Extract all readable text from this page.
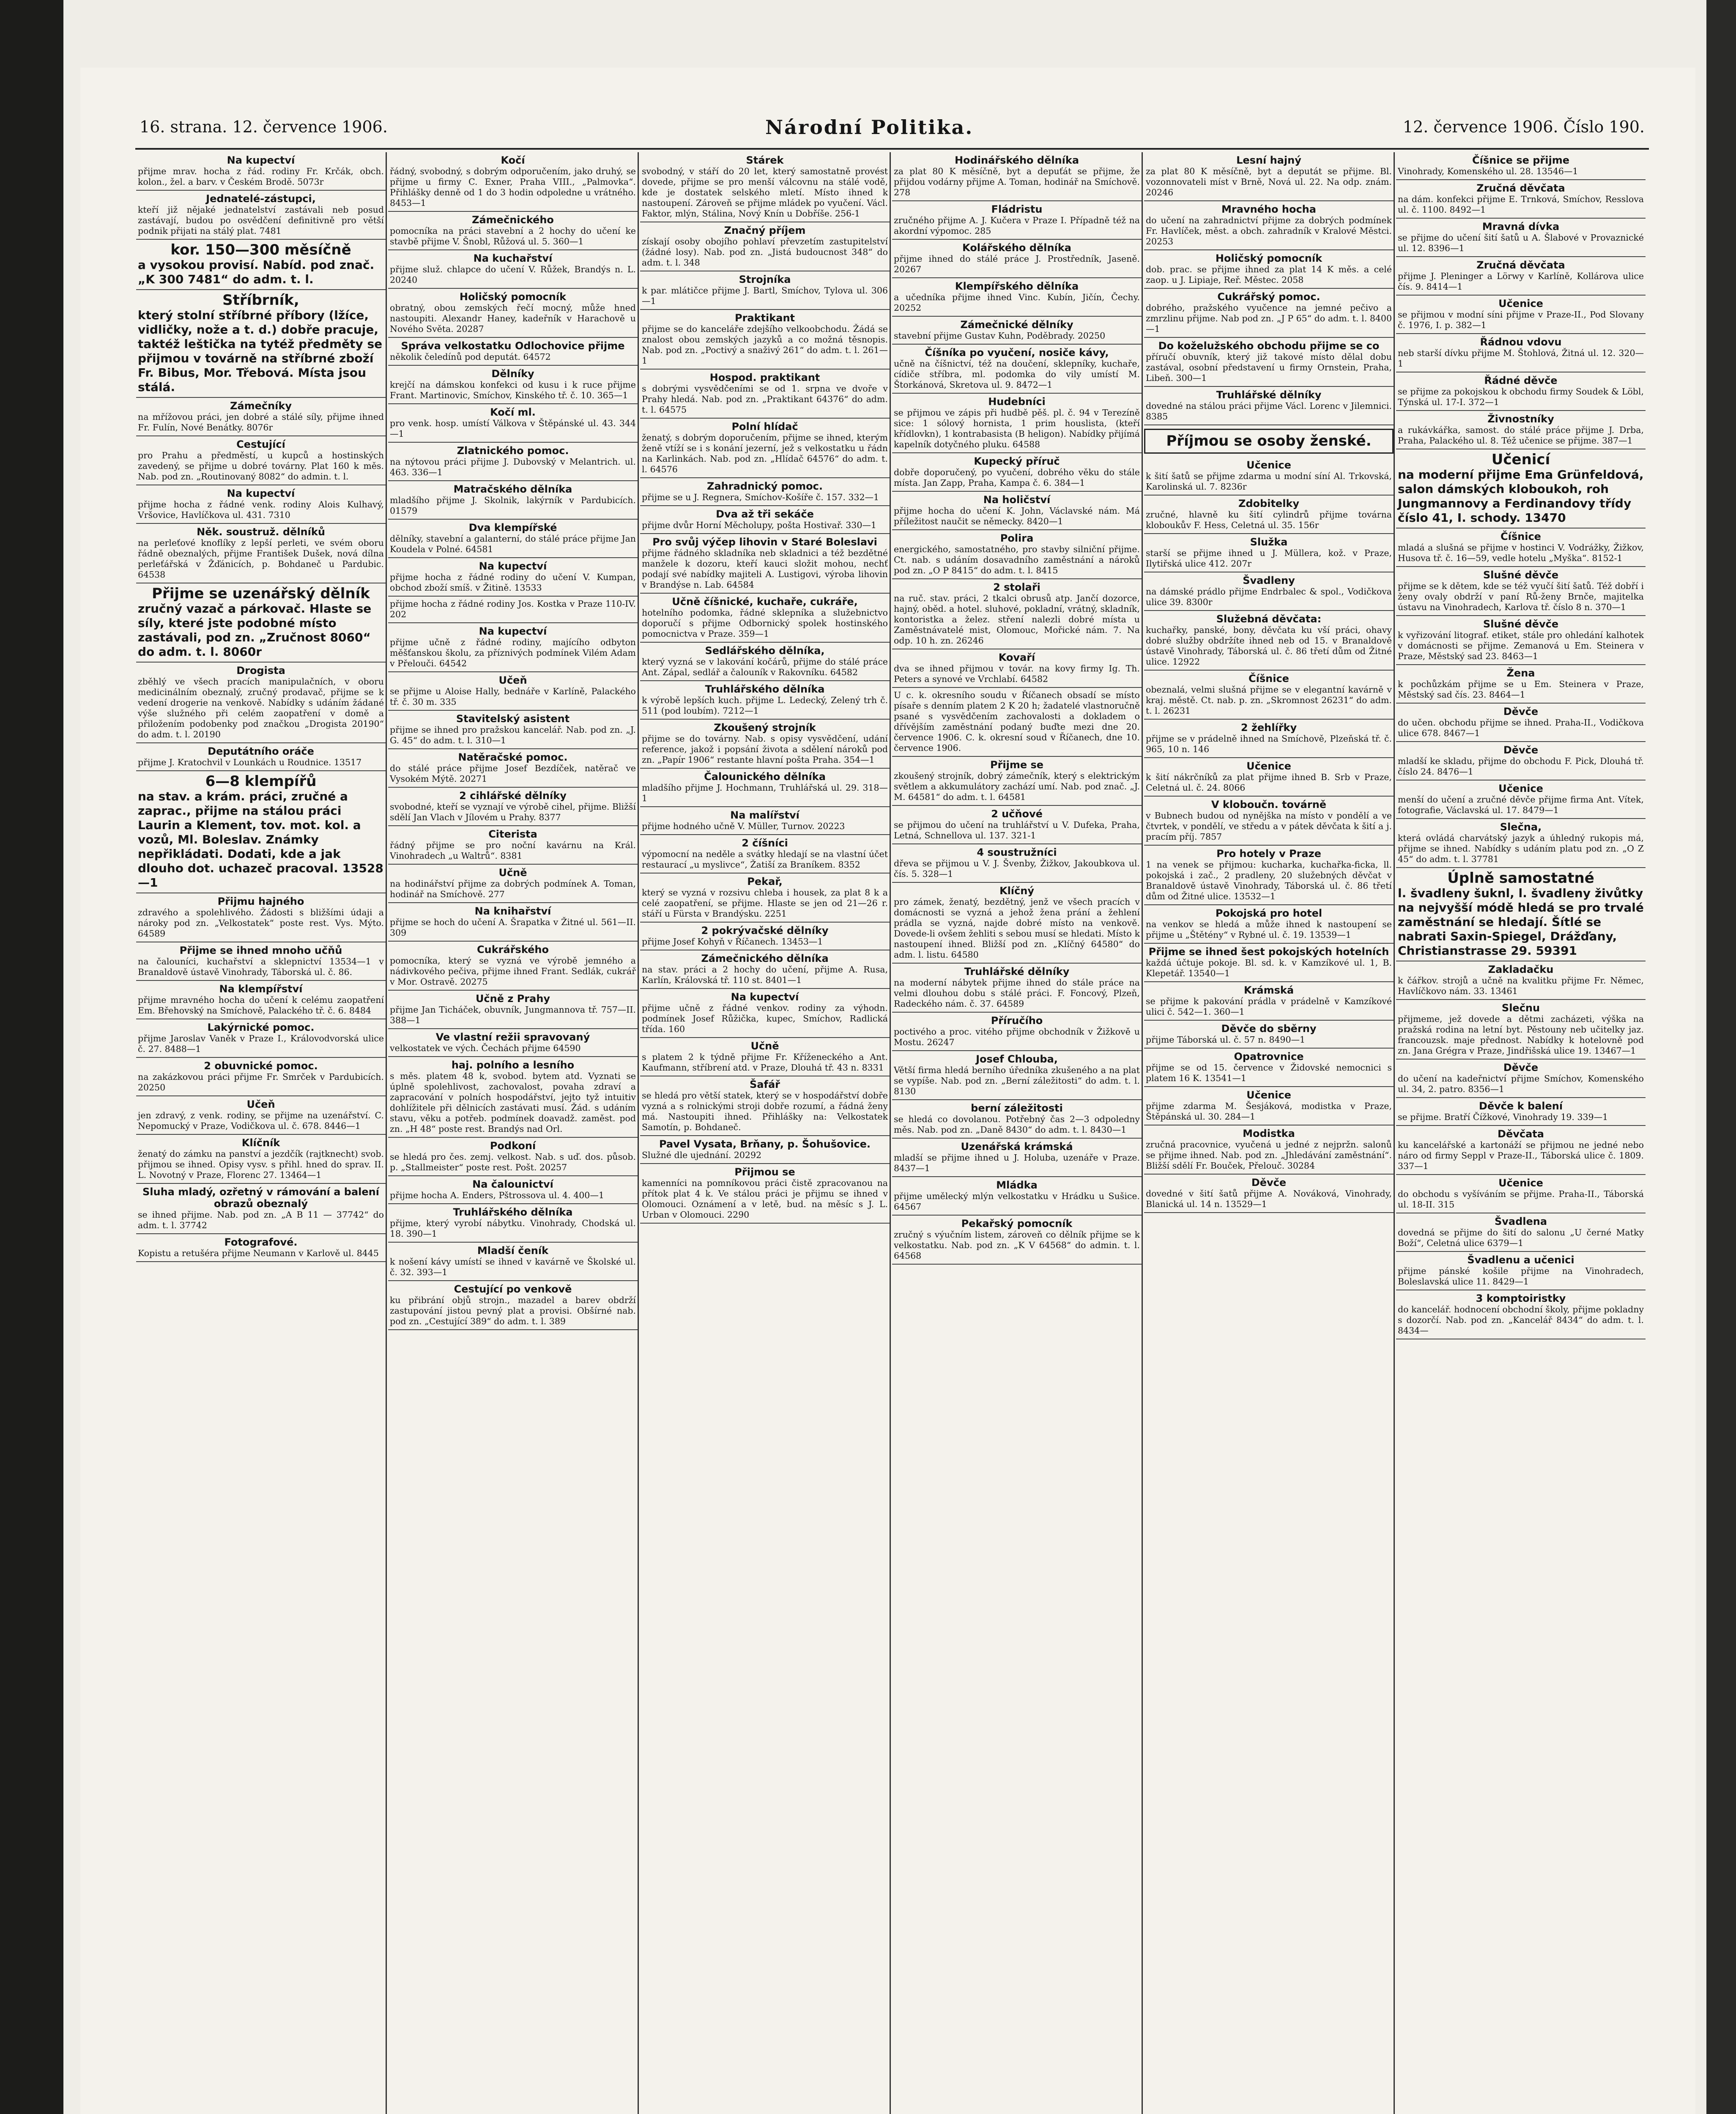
16. strana. 12. července 1906.	Národní Politika.	12. července 1906. Číslo 190.
Na kupectví
přijme mrav. hocha z řád. rodiny Fr. Krčák, obch. kolon., žel. a barv. v Českém Brodě. 5073r
Jednatelé-zástupci,
kteří již nějaké jednatelství zastávali neb posud zastávají, budou po osvědčení definitivně pro větší podnik přijati na stálý plat. 7481
kor. 150—300 měsíčně
a vysokou provisí. Nabíd. pod znač. „K 300 7481“ do adm. t. l.
Stříbrník,
který stolní stříbrné příbory (lžíce, vidličky, nože a t. d.) dobře pracuje, taktéž leštička na tytéž předměty se přijmou v továrně na stříbrné zboží Fr. Bibus, Mor. Třebová. Místa jsou stálá.
Zámečníky
na mřížovou práci, jen dobré a stálé síly, přijme ihned Fr. Fulín, Nové Benátky. 8076r
Cestující
pro Prahu a předměstí, u kupců a hostinských zavedený, se přijme u dobré továrny. Plat 160 k měs. Nab. pod zn. „Routinovaný 8082“ do admin. t. l.
Na kupectví
přijme hocha z řádné venk. rodiny Alois Kulhavý, Vršovice, Havlíčkova ul. 431. 7310
Něk. soustruž. dělníků
na perleťové knoflíky z lepší perleti, ve svém oboru řádně obeznalých, přijme František Dušek, nová dílna perleťářská v Žďánicích, p. Bohdaneč u Pardubic. 64538
Přijme se uzenářský dělník
zručný vazač a párkovač. Hlaste se síly, které jste podobné místo zastávali, pod zn. „Zručnost 8060“ do adm. t. l. 8060r
Drogista
zběhlý ve všech pracích manipulačních, v oboru medicinálním obeznalý, zručný prodavač, přijme se k vedení drogerie na venkově. Nabídky s udáním žádané výše služného při celém zaopatření v domě a přiložením podobenky pod značkou „Drogista 20190“ do adm. t. l. 20190
Deputátního oráče
přijme J. Kratochvil v Lounkách u Roudnice. 13517
6—8 klempířů
na stav. a krám. práci, zručné a zaprac., přijme na stálou práci Laurin a Klement, tov. mot. kol. a vozů, Ml. Boleslav. Známky nepřikládati. Dodati, kde a jak dlouho dot. uchazeč pracoval. 13528—1
Přijmu hajného
zdravého a spolehlivého. Žádosti s bližšími údaji a nároky pod zn. „Velkostatek“ poste rest. Vys. Mýto. 64589
Přijme se ihned mnoho učňů
na čalouníci, kuchařství a sklepnictví 13534—1 v Branaldově ústavě Vinohrady, Táborská ul. č. 86.
Na klempířství
přijme mravného hocha do učení k celému zaopatření Em. Břehovský na Smíchově, Palackého tř. č. 6. 8484
Lakýrnické pomoc.
přijme Jaroslav Vaněk v Praze I., Královodvorská ulice č. 27. 8488—1
2 obuvnické pomoc.
na zakázkovou práci přijme Fr. Smrček v Pardubicích. 20250
Učeň
jen zdravý, z venk. rodiny, se přijme na uzenářství. C. Nepomucký v Praze, Vodičkova ul. č. 678. 8446—1
Klíčník
ženatý do zámku na panství a jezdčík (rajtknecht) svob. přijmou se ihned. Opisy vysv. s přihl. hned do sprav. II. L. Novotný v Praze, Florenc 27. 13464—1
Sluha mladý, ozřetný v rámování a balení obrazů obeznalý
se ihned přijme. Nab. pod zn. „A B 11 — 37742“ do adm. t. l. 37742
Fotografové.
Kopistu a retušéra přijme Neumann v Karlově ul. 8445
Kočí
řádný, svobodný, s dobrým odporučením, jako druhý, se přijme u firmy C. Exner, Praha VIII., „Palmovka“. Přihlášky denně od 1 do 3 hodin odpoledne u vrátného. 8453—1
Zámečnického
pomocníka na práci stavební a 2 hochy do učení ke stavbě přijme V. Šnobl, Růžová ul. 5. 360—1
Na kuchařství
přijme služ. chlapce do učení V. Růžek, Brandýs n. L. 20240
Holičský pomocník
obratný, obou zemských řečí mocný, může hned nastoupiti. Alexandr Haney, kadeřník v Harachově u Nového Světa. 20287
Správa velkostatku Odlochovice přijme
několik čeledínů pod deputát. 64572
Dělníky
krejčí na dámskou konfekci od kusu i k ruce přijme Frant. Martinovic, Smíchov, Kinského tř. č. 10. 365—1
Kočí ml.
pro venk. hosp. umístí Válkova v Štěpánské ul. 43. 344—1
Zlatnického pomoc.
na nýtovou práci přijme J. Dubovský v Melantrich. ul. 463. 336—1
Matračského dělníka
mladšího přijme J. Skolnik, lakýrník v Pardubicích. 01579
Dva klempířské
dělníky, stavební a galanterní, do stálé práce přijme Jan Koudela v Polné. 64581
Na kupectví
přijme hocha z řádné rodiny do učení V. Kumpan, obchod zboží smíš. v Žitině. 13533
přijme hocha z řádné rodiny Jos. Kostka v Praze 110-IV. 202
Na kupectví
přijme učně z řádné rodiny, majícího odbyton měšťanskou školu, za příznivých podmínek Vilém Adam v Přelouči. 64542
Učeň
se přijme u Aloise Hally, bednáře v Karlíně, Palackého tř. č. 30 m. 335
Stavitelský asistent
přijme se ihned pro pražskou kancelář. Nab. pod zn. „J. G. 45“ do adm. t. l. 310—1
Natěračské pomoc.
do stálé práce přijme Josef Bezdíček, natěrač ve Vysokém Mýtě. 20271
2 cihlářské dělníky
svobodné, kteří se vyznají ve výrobě cihel, přijme. Bližší sdělí Jan Vlach v Jílovém u Prahy. 8377
Citerista
řádný přijme se pro noční kavárnu na Král. Vinohradech „u Waltrů“. 8381
Učně
na hodinářství přijme za dobrých podmínek A. Toman, hodinář na Smíchově. 277
Na knihařství
přijme se hoch do učení A. Šrapatka v Žitné ul. 561—II. 309
Cukrářského
pomocníka, který se vyzná ve výrobě jemného a nádivkového pečiva, přijme ihned Frant. Sedlák, cukrář v Mor. Ostravě. 20275
Učně z Prahy
přijme Jan Ticháček, obuvník, Jungmannova tř. 757—II. 388—1
Ve vlastní režii spravovaný
velkostatek ve vých. Čechách přijme 64590
haj. polního a lesního
s měs. platem 48 k, svobod. bytem atd. Vyznati se úplně spolehlivost, zachovalost, povaha zdraví a zapracování v polních hospodářství, jejto tyž intuitiv dohlížitele při dělnicích zastávati musí. Žád. s udáním stavu, věku a potřeb. podmínek doavadž. zaměst. pod zn. „H 48“ poste rest. Brandýs nad Orl.
Podkoní
se hledá pro čes. zemj. velkost. Nab. s uď. dos. působ. p. „Stallmeister“ poste rest. Pošt. 20257
Na čalounictví
přijme hocha A. Enders, Pštrossova ul. 4. 400—1
Truhlářského dělníka
přijme, který vyrobí nábytku. Vinohrady, Chodská ul. 18. 390—1
Mladší čeník
k nošení kávy umístí se ihned v kavárně ve Školské ul. č. 32. 393—1
Cestující po venkově
ku přibrání objů strojn., mazadel a barev obdrží zastupování jistou pevný plat a provisi. Obšírné nab. pod zn. „Cestující 389“ do adm. t. l. 389
Stárek
svobodný, v stáří do 20 let, který samostatně provést dovede, přijme se pro menší válcovnu na stálé vodě, kde je dostatek selského mletí. Místo ihned k nastoupení. Zároveň se přijme mládek po vyučení. Václ. Faktor, mlýn, Stálina, Nový Knín u Dobříše. 256-1
Značný příjem
získají osoby obojího pohlaví převzetím zastupitelství (žádné losy). Nab. pod zn. „Jistá budoucnost 348“ do adm. t. l. 348
Strojníka
k par. mlátičce přijme J. Bartl, Smíchov, Tylova ul. 306—1
Praktikant
přijme se do kanceláře zdejšího velkoobchodu. Žádá se znalost obou zemských jazyků a co možná těsnopis. Nab. pod zn. „Poctivý a snaživý 261“ do adm. t. l. 261—1
Hospod. praktikant
s dobrými vysvědčeními se od 1. srpna ve dvoře v Prahy hledá. Nab. pod zn. „Praktikant 64376“ do adm. t. l. 64575
Polní hlídač
ženatý, s dobrým doporučením, přijme se ihned, kterým ženě vtíží se i s konání jezerní, jež s velkostatku u řádn na Karlinkách. Nab. pod zn. „Hlídač 64576“ do adm. t. l. 64576
Zahradnický pomoc.
přijme se u J. Regnera, Smíchov-Košíře č. 157. 332—1
Dva až tři sekáče
přijme dvůr Horní Měcholupy, pošta Hostivař. 330—1
Pro svůj výčep lihovin v Staré Boleslavi
přijme řádného skladníka neb skladnici a též bezdětné manžele k dozoru, kteří kauci složit mohou, nechť podají své nabídky majiteli A. Lustigovi, výroba lihovin v Brandýse n. Lab. 64584
Učně číšnické, kuchaře, cukráře,
hotelního podomka, řádné sklepníka a služebnictvo doporučí s přijme Odbornický spolek hostinského pomocnictva v Praze. 359—1
Sedlářského dělníka,
který vyzná se v lakování kočárů, přijme do stálé práce Ant. Zápal, sedlář a čalouník v Rakovníku. 64582
Truhlářského dělníka
k výrobě lepších kuch. přijme L. Ledecký, Zelený trh č. 511 (pod loubím). 7212—1
Zkoušený strojník
přijme se do továrny. Nab. s opisy vysvědčení, udání reference, jakož i popsání života a sdělení nároků pod zn. „Papír 1906“ restante hlavní pošta Praha. 354—1
Čalounického dělníka
mladšího přijme J. Hochmann, Truhlářská ul. 29. 318—1
Na malířství
přijme hodného učně V. Müller, Turnov. 20223
2 číšníci
výpomocní na neděle a svátky hledají se na vlastní účet restaurací „u myslivce“, Žatiší za Braníkem. 8352
Pekař,
který se vyzná v rozsivu chleba i housek, za plat 8 k a celé zaopatření, se přijme. Hlaste se jen od 21—26 r. stáří u Fürsta v Brandýsku. 2251
2 pokrývačské dělníky
přijme Josef Kohyň v Říčanech. 13453—1
Zámečnického dělníka
na stav. práci a 2 hochy do učení, přijme A. Rusa, Karlín, Královská tř. 110 st. 8401—1
Na kupectví
přijme učně z řádné venkov. rodiny za výhodn. podmínek Josef Růžička, kupec, Smíchov, Radlická třída. 160
Učně
s platem 2 k týdně přijme Fr. Kříženeckého a Ant. Kaufmann, stříbrení atd. v Praze, Dlouhá tř. 43 n. 8331
Šafář
se hledá pro větší statek, který se v hospodářství dobře vyzná a s rolnickými stroji dobře rozumí, a řádná ženy má. Nastoupiti ihned. Přihlášky na: Velkostatek Samotín, p. Bohdaneč.
Pavel Vysata, Brňany, p. Šohušovice.
Služné dle ujednání. 20292
Přijmou se
kamenníci na pomníkovou práci čistě zpracovanou na přítok plat 4 k. Ve stálou práci je přijmu se ihned v Olomouci. Oznámení a v letě, bud. na měsíc s J. L. Urban v Olomouci. 2290
Hodinářského dělníka
za plat 80 K měsíčně, byt a depuťát se přijme, že přijdou vodárny přijme A. Toman, hodinář na Smíchově. 278
Fládristu
zručného přijme A. J. Kučera v Praze I. Případně též na akordní výpomoc. 285
Kolářského dělníka
přijme ihned do stálé práce J. Prostředník, Jaseně. 20267
Klempířského dělníka
a učedníka přijme ihned Vinc. Kubín, Jičín, Čechy. 20252
Zámečnické dělníky
stavební přijme Gustav Kuhn, Poděbrady. 20250
Číšníka po vyučení, nosiče kávy,
učně na číšnictví, též na doučení, sklepníky, kuchaře, cídiče stříbra, ml. podomka do vily umístí M. Štorkánová, Skretova ul. 9. 8472—1
Hudebníci
se přijmou ve zápis při hudbě pěš. pl. č. 94 v Terezíně sice: 1 sólový hornista, 1 prim houslista, (kteří křídlovkn), 1 kontrabasista (B heligon). Nabídky přijímá kapelník dotyčného pluku. 64588
Kupecký příruč
dobře doporučený, po vyučení, dobrého věku do stále místa. Jan Zapp, Praha, Kampa č. 6. 384—1
Na holičství
přijme hocha do učení K. John, Václavské nám. Má příležitost naučit se německy. 8420—1
Polira
energického, samostatného, pro stavby silniční přijme. Ct. nab. s udáním dosavadního zaměstnání a nároků pod zn. „O P 8415“ do adm. t. l. 8415
2 stolaři
na ruč. stav. práci, 2 tkalci obrusů atp. Jančí dozorce, hajný, oběd. a hotel. sluhové, pokladní, vrátný, skladník, kontoristka a želez. stření nalezli dobré místa u Zaměstnávatelé mist, Olomouc, Mořické nám. 7. Na odp. 10 h. zn. 26246
Kovaří
dva se ihned přijmou v továr. na kovy firmy Ig. Th. Peters a synové ve Vrchlabí. 64582
U c. k. okresního soudu v Říčanech obsadí se místo písaře s denním platem 2 K 20 h; žadatelé vlastnoručně psané s vysvědčením zachovalosti a dokladem o dřívějším zaměstnání podaný buďte mezi dne 20. července 1906. C. k. okresní soud v Říčanech, dne 10. července 1906.
Přijme se
zkoušený strojník, dobrý zámečník, který s elektrickým světlem a akkumulátory zachází umí. Nab. pod znač. „J. M. 64581“ do adm. t. l. 64581
2 učňové
se přijmou do učení na truhlářství u V. Dufeka, Praha, Letná, Schnellova ul. 137. 321-1
4 soustružníci
dřeva se přijmou u V. J. Švenby, Žižkov, Jakoubkova ul. čís. 5. 328—1
Klíčný
pro zámek, ženatý, bezdětný, jenž ve všech pracích v domácnosti se vyzná a jehož žena prání a žehlení prádla se vyzná, najde dobré místo na venkově. Dovede-li ovšem žehliti s sebou musí se hledati. Místo k nastoupení ihned. Bližší pod zn. „Klíčný 64580“ do adm. l. listu. 64580
Truhlářské dělníky
na moderní nábytek přijme ihned do stále práce na velmi dlouhou dobu s stálé práci. F. Foncový, Plzeň, Radeckého nám. č. 37. 64589
Příručího
poctivého a proc. vitého přijme obchodník v Žižkově u Mostu. 26247
Josef Chlouba,
Větší firma hledá berního úředníka zkušeného a na plat se vypíše. Nab. pod zn. „Berní záležitosti“ do adm. t. l. 8130
berní záležitosti
se hledá co dovolanou. Potřebný čas 2—3 odpoledny měs. Nab. pod zn. „Daně 8430“ do adm. t. l. 8430—1
Uzenářská krámská
mladší se přijme ihned u J. Holuba, uzenáře v Praze. 8437—1
Mládka
přijme umělecký mlýn velkostatku v Hrádku u Sušice. 64567
Pekařský pomocník
zručný s výučním listem, zároveň co dělník přijme se k velkostatku. Nab. pod zn. „K V 64568“ do admin. t. l. 64568
Lesní hajný
za plat 80 K měsíčně, byt a deputát se přijme. Bl. vozonnovateli míst v Brně, Nová ul. 22. Na odp. znám. 20246
Mravného hocha
do učení na zahradnictví přijme za dobrých podmínek Fr. Havlíček, měst. a obch. zahradník v Kralové Městci. 20253
Holičský pomocník
dob. prac. se přijme ihned za plat 14 K měs. a celé zaop. u J. Lipiaje, Reř. Městec. 2058
Cukrářský pomoc.
dobrého, pražského vyučence na jemné pečivo a zmrzlinu přijme. Nab pod zn. „J P 65“ do adm. t. l. 8400—1
Do koželužského obchodu přijme se co
příručí obuvník, který již takové místo dělal dobu zastával, osobní představení u firmy Ornstein, Praha, Libeň. 300—1
Truhlářské dělníky
dovedné na stálou práci přijme Václ. Lorenc v Jilemnici. 8385
Příjmou se osoby ženské.
Učenice
k šití šatů se přijme zdarma u modní síní Al. Trkovská, Karolinská ul. 7. 8236r
Zdobitelky
zručné, hlavně ku šití cylindrů přijme továrna kloboukův F. Hess, Celetná ul. 35. 156r
Služka
starší se přijme ihned u J. Müllera, kož. v Praze, Ilytiřská ulice 412. 207r
Švadleny
na dámské prádlo přijme Endrbalec & spol., Vodičkova ulice 39. 8300r
Služebná děvčata:
kuchařky, panské, bony, děvčata ku vší práci, ohavy dobré služby obdržíte ihned neb od 15. v Branaldově ústavě Vinohrady, Táborská ul. č. 86 třetí dům od Žitné ulice. 12922
Číšnice
obeznalá, velmi slušná přijme se v elegantní kavárně v kraj. městě. Ct. nab. p. zn. „Skromnost 26231“ do adm. t. l. 26231
2 žehlířky
přijme se v prádelně ihned na Smíchově, Plzeňská tř. č. 965, 10 n. 146
Učenice
k šití nákrčníků za plat přijme ihned B. Srb v Praze, Celetná ul. č. 24. 8066
V kloboučn. továrně
v Bubnech budou od nynějška na místo v pondělí a ve čtvrtek, v pondělí, ve středu a v pátek děvčata k šití a j. pracím příj. 7857
Pro hotely v Praze
1 na venek se přijmou: kucharka, kuchařka-ficka, ll. pokojská i zač., 2 pradleny, 20 služebných děvčat v Branaldově ústavě Vinohrady, Táborská ul. č. 86 třetí dům od Žitné ulice. 13532—1
Pokojská pro hotel
na venkov se hledá a může ihned k nastoupení se přijme u „Štětény“ v Rybné ul. č. 19. 13539—1
Přijme se ihned šest pokojských hotelních
každá účtuje pokoje. Bl. sd. k. v Kamzíkové ul. 1, B. Klepetář. 13540—1
Krámská
se přijme k pakování prádla v prádelně v Kamzíkové ulici č. 542—1. 360—1
Děvče do sběrny
přijme Táborská ul. č. 57 n. 8490—1
Opatrovnice
přijme se od 15. července v Židovské nemocnici s platem 16 K. 13541—1
Učenice
přijme zdarma M. Šesjáková, modistka v Praze, Štěpánská ul. 30. 284—1
Modistka
zručná pracovnice, vyučená u jedné z nejpržn. salonů se přijme ihned. Nab. pod zn. „Jhledávání zaměstnání“. Bližší sdělí Fr. Bouček, Přelouč. 30284
Děvče
dovedné v šití šatů přijme A. Nováková, Vinohrady, Blanická ul. 14 n. 13529—1
Číšnice se přijme
Vinohrady, Komenského ul. 28. 13546—1
Zručná děvčata
na dám. konfekci přijme E. Trnková, Smíchov, Resslova ul. č. 1100. 8492—1
Mravná dívka
se přijme do učení šití šatů u A. Šlabové v Provaznické ul. 12. 8396—1
Zručná děvčata
přijme J. Pleninger a Lörwy v Karlíně, Kollárova ulice čís. 9. 8414—1
Učenice
se přijmou v modní síni přijme v Praze-II., Pod Slovany č. 1976, I. p. 382—1
Řádnou vdovu
neb starší dívku přijme M. Štohlová, Žitná ul. 12. 320—1
Řádné děvče
se přijme za pokojskou k obchodu firmy Soudek & Löbl, Týnská ul. 17-I. 372—1
Živnostníky
a rukávkářka, samost. do stálé práce přijme J. Drba, Praha, Palackého ul. 8. Též učenice se přijme. 387—1
Učenicí
na moderní přijme Ema Grünfeldová, salon dámských kloboukoh, roh Jungmannovy a Ferdinandovy třídy číslo 41, I. schody. 13470
Číšnice
mladá a slušná se přijme v hostinci V. Vodrážky, Žižkov, Husova tř. č. 16—59, vedle hotelu „Myška“. 8152-1
Slušné děvče
přijme se k dětem, kde se též vyučí šití šatů. Též dobří i ženy ovaly obdrží v paní Rů-ženy Brnče, majitelka ústavu na Vinohradech, Karlova tř. číslo 8 n. 370—1
Slušné děvče
k vyřizování litograf. etiket, stále pro ohledání kalhotek v domácnosti se přijme. Zemanová u Em. Steinera v Praze, Městský sad 23. 8463—1
Žena
k pochůzkám přijme se u Em. Steinera v Praze, Městský sad čís. 23. 8464—1
Děvče
do učen. obchodu přijme se ihned. Praha-II., Vodičkova ulice 678. 8467—1
Děvče
mladší ke skladu, přijme do obchodu F. Pick, Dlouhá tř. číslo 24. 8476—1
Učenice
menší do učení a zručné děvče přijme firma Ant. Vítek, fotografie, Václavská ul. 17. 8479—1
Slečna,
která ovládá charvátský jazyk a úhledný rukopis má, přijme se ihned. Nabídky s udáním platu pod zn. „O Z 45“ do adm. t. l. 37781
Úplně samostatné
l. švadleny šuknl, l. švadleny živůtky na nejvyšší módě hledá se pro trvalé zaměstnání se hledají. Šítlé se nabrati Saxin-Spiegel, Drážďany, Christianstrasse 29. 59391
Zakladačku
k čářkov. strojů a učně na kvalitku přijme Fr. Němec, Havlíčkovo nám. 33. 13461
Slečnu
přijmeme, jež dovede a dětmi zacházeti, výška na pražská rodina na letní byt. Pěstouny neb učitelky jaz. francouzsk. maje přednost. Nabídky k hotelovně pod zn. Jana Grégra v Praze, Jindřišská ulice 19. 13467—1
Děvče
do učení na kadeřnictví přijme Smíchov, Komenského ul. 34, 2. patro. 8356—1
Děvče k balení
se přijme. Bratří Čížkové, Vinohrady 19. 339—1
Děvčata
ku kancelářské a kartonáží se přijmou ne jedné nebo náro od firmy Seppl v Praze-II., Táborská ulice č. 1809. 337—1
Učenice
do obchodu s vyšíváním se přijme. Praha-II., Táborská ul. 18-II. 315
Švadlena
dovedná se přijme do šití do salonu „U černé Matky Boží“, Celetná ulice 6379—1
Švadlenu a učenici
přijme pánské košile přijme na Vinohradech, Boleslavská ulice 11. 8429—1
3 komptoiristky
do kancelář. hodnocení obchodní školy, přijme pokladny s dozorčí. Nab. pod zn. „Kancelář 8434“ do adm. t. l. 8434—
